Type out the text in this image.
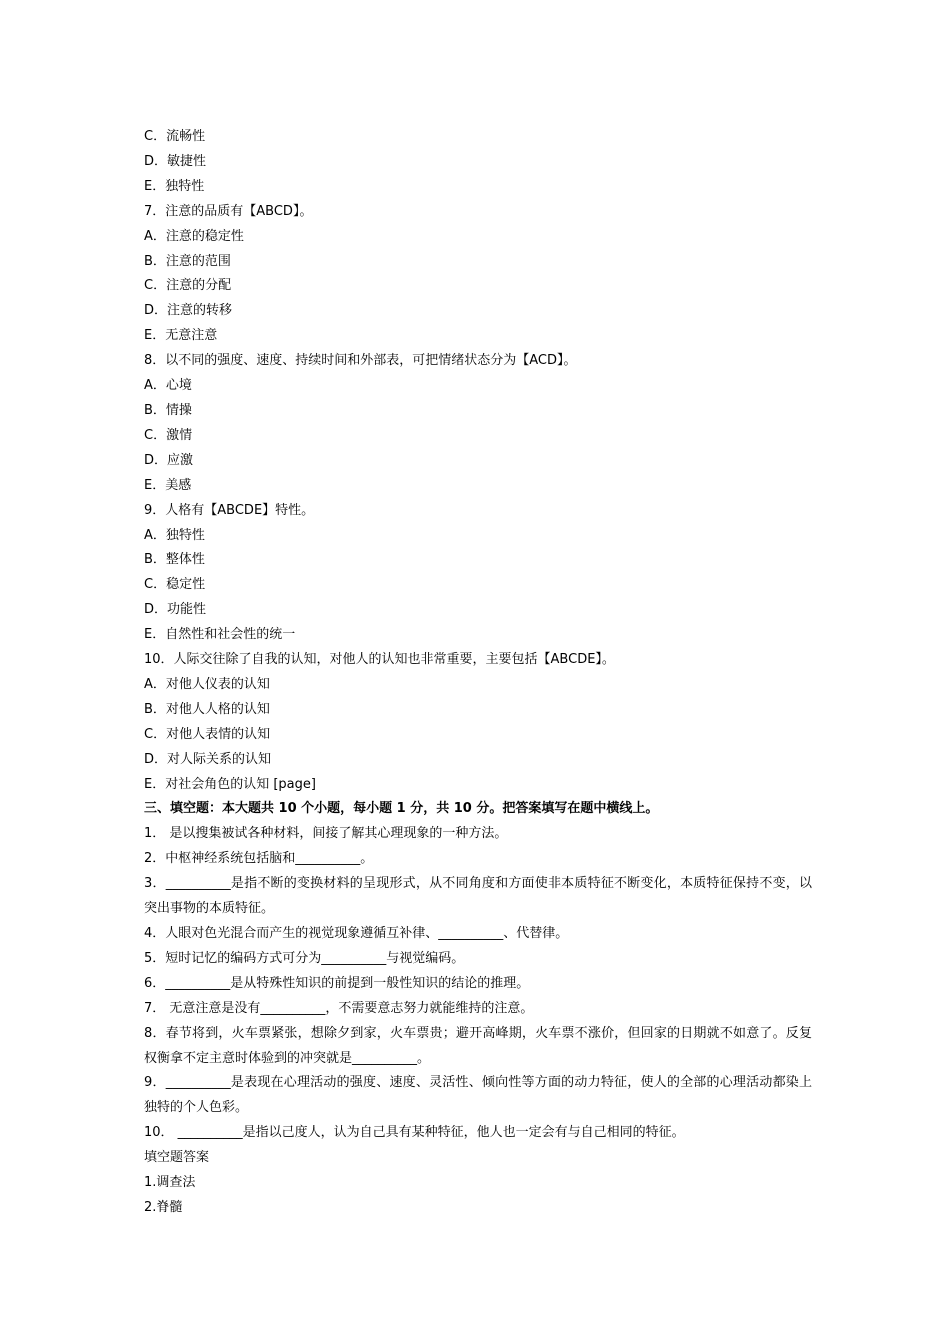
C．流畅性
D．敏捷性
E．独特性
7．注意的品质有【ABCD】。
A．注意的稳定性
B．注意的范围
C．注意的分配
D．注意的转移
E．无意注意
8．以不同的强度、速度、持续时间和外部表，可把情绪状态分为【ACD】。
A．心境
B．情操
C．激情
D．应激
E．美感
9．人格有【ABCDE】特性。
A．独特性
B．整体性
C．稳定性
D．功能性
E．自然性和社会性的统一
10．人际交往除了自我的认知，对他人的认知也非常重要，主要包括【ABCDE】。
A．对他人仪表的认知
B．对他人人格的认知
C．对他人表情的认知
D．对人际关系的认知
E．对社会角色的认知 [page]
三、填空题：本大题共 10 个小题，每小题 1 分，共 10 分。把答案填写在题中横线上。
1． 是以搜集被试各种材料，间接了解其心理现象的一种方法。
2．中枢神经系统包括脑和__________。
3．__________是指不断的变换材料的呈现形式，从不同角度和方面使非本质特征不断变化，本质特征保持不变，以突出事物的本质特征。
4．人眼对色光混合而产生的视觉现象遵循互补律、__________、代替律。
5．短时记忆的编码方式可分为__________与视觉编码。
6．__________是从特殊性知识的前提到一般性知识的结论的推理。
7． 无意注意是没有__________，不需要意志努力就能维持的注意。
8．春节将到，火车票紧张，想除夕到家，火车票贵；避开高峰期，火车票不涨价，但回家的日期就不如意了。反复权衡拿不定主意时体验到的冲突就是__________。
9．__________是表现在心理活动的强度、速度、灵活性、倾向性等方面的动力特征，使人的全部的心理活动都染上独特的个人色彩。
10． __________是指以己度人，认为自己具有某种特征，他人也一定会有与自己相同的特征。
填空题答案
1.调查法
2.脊髓
